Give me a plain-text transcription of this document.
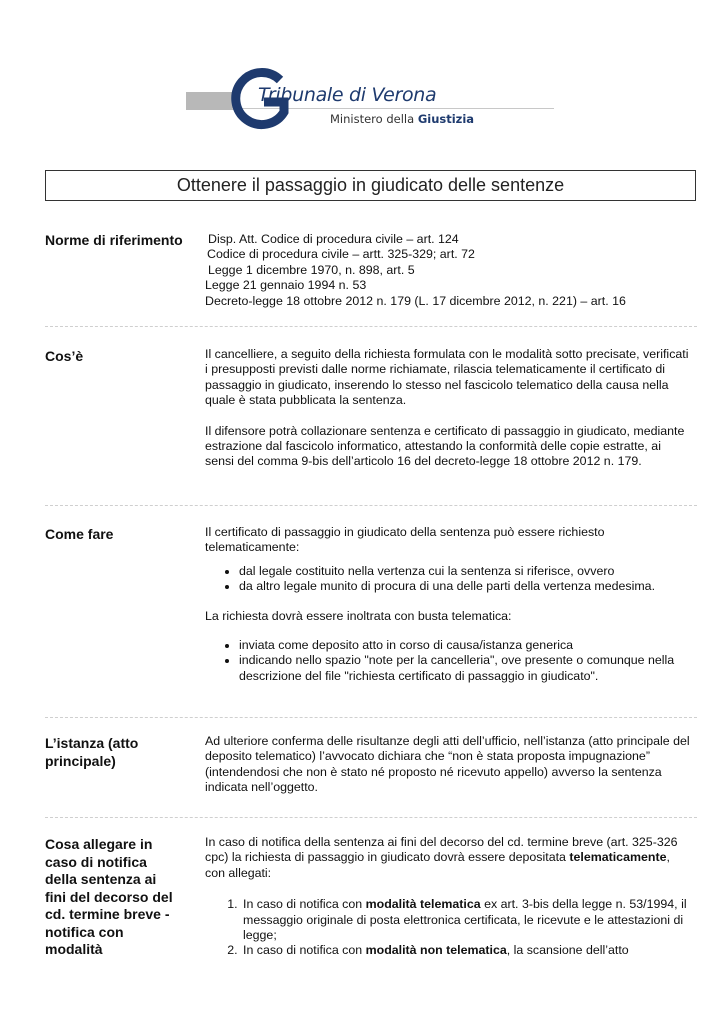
Tribunale di Verona
Ministero della Giustizia
Ottenere il passaggio in giudicato delle sentenze
Norme di riferimento Disp. Att. Codice di procedura civile – art. 124
Codice di procedura civile – artt. 325-329; art. 72
Legge 1 dicembre 1970, n. 898, art. 5
Legge 21 gennaio 1994 n. 53
Decreto-legge 18 ottobre 2012 n. 179 (L. 17 dicembre 2012, n. 221) – art. 16
Cos’è	Il cancelliere, a seguito della richiesta formulata con le modalità sotto precisate, verificati i presupposti previsti dalle norme richiamate, rilascia telematicamente il certificato di passaggio in giudicato, inserendo lo stesso nel fascicolo telematico della causa nella quale è stata pubblicata la sentenza.

Il difensore potrà collazionare sentenza e certificato di passaggio in giudicato, mediante estrazione dal fascicolo informatico, attestando la conformità delle copie estratte, ai sensi del comma 9-bis dell’articolo 16 del decreto-legge 18 ottobre 2012 n. 179.

Come fare	Il certificato di passaggio in giudicato della sentenza può essere richiesto telematicamente:

• dal legale costituito nella vertenza cui la sentenza si riferisce, ovvero
• da altro legale munito di procura di una delle parti della vertenza medesima.

La richiesta dovrà essere inoltrata con busta telematica:

• inviata come deposito atto in corso di causa/istanza generica
• indicando nello spazio "note per la cancelleria", ove presente o comunque nella descrizione del file "richiesta certificato di passaggio in giudicato".
L’istanza (atto principale)

Ad ulteriore conferma delle risultanze degli atti dell’ufficio, nell’istanza (atto principale del deposito telematico) l’avvocato dichiara che “non è stata proposta impugnazione” (intendendosi che non è stato né proposto né ricevuto appello) avverso la sentenza indicata nell’oggetto.

Cosa allegare in caso di notifica della sentenza ai fini del decorso del cd. termine breve - notifica con modalità

In caso di notifica della sentenza ai fini del decorso del cd. termine breve (art. 325-326 cpc) la richiesta di passaggio in giudicato dovrà essere depositata telematicamente, con allegati:

1. In caso di notifica con modalità telematica ex art. 3-bis della legge n. 53/1994, il messaggio originale di posta elettronica certificata, le ricevute e le attestazioni di legge;
2. In caso di notifica con modalità non telematica, la scansione dell’atto
